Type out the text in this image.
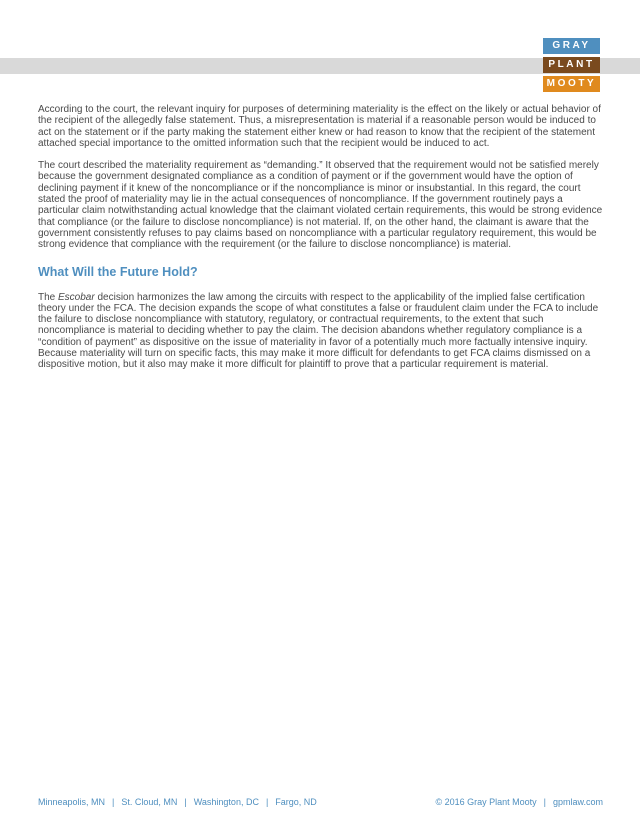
GRAY
PLANT
MOOTY

According to the court, the relevant inquiry for purposes of determining materiality is the effect on the likely or actual behavior of the recipient of the allegedly false statement. Thus, a misrepresentation is material if a reasonable person would be induced to act on the statement or if the party making the statement either knew or had reason to know that the recipient of the statement attached special importance to the omitted information such that the recipient would be induced to act.

The court described the materiality requirement as “demanding.” It observed that the requirement would not be satisfied merely because the government designated compliance as a condition of payment or if the government would have the option of declining payment if it knew of the noncompliance or if the noncompliance is minor or insubstantial. In this regard, the court stated the proof of materiality may lie in the actual consequences of noncompliance. If the government routinely pays a particular claim notwithstanding actual knowledge that the claimant violated certain requirements, this would be strong evidence that compliance (or the failure to disclose noncompliance) is not material. If, on the other hand, the claimant is aware that the government consistently refuses to pay claims based on noncompliance with a particular regulatory requirement, this would be strong evidence that compliance with the requirement (or the failure to disclose noncompliance) is material.

What Will the Future Hold?

The Escobar decision harmonizes the law among the circuits with respect to the applicability of the implied false certification theory under the FCA. The decision expands the scope of what constitutes a false or fraudulent claim under the FCA to include the failure to disclose noncompliance with statutory, regulatory, or contractual requirements, to the extent that such noncompliance is material to deciding whether to pay the claim. The decision abandons whether regulatory compliance is a “condition of payment” as dispositive on the issue of materiality in favor of a potentially much more factually intensive inquiry. Because materiality will turn on specific facts, this may make it more difficult for defendants to get FCA claims dismissed on a dispositive motion, but it also may make it more difficult for plaintiff to prove that a particular requirement is material.

Minneapolis, MN | St. Cloud, MN | Washington, DC | Fargo, ND	© 2016 Gray Plant Mooty | gpmlaw.com
